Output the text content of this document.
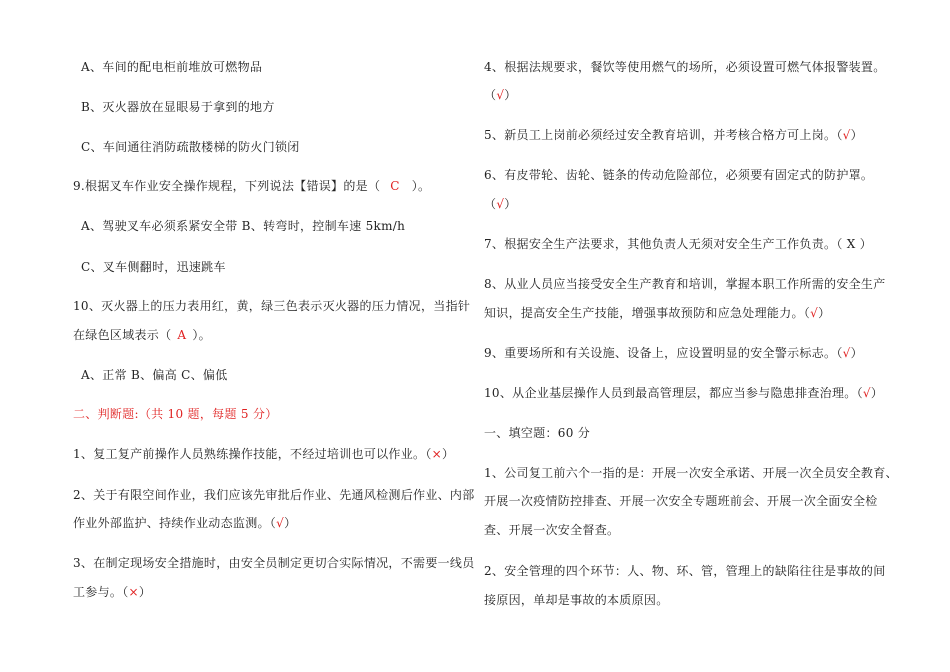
A、车间的配电柜前堆放可燃物品
B、灭火器放在显眼易于拿到的地方
C、车间通往消防疏散楼梯的防火门锁闭
9.根据叉车作业安全操作规程，下列说法【错误】的是（ C ）。
A、驾驶叉车必须系紧安全带 B、转弯时，控制车速 5km/h
C、叉车侧翻时，迅速跳车
10、灭火器上的压力表用红，黄，绿三色表示灭火器的压力情况，当指针
在绿色区域表示（ A ）。
A、正常 B、偏高 C、偏低
二、判断题:（共 10 题，每题 5 分）
1、复工复产前操作人员熟练操作技能，不经过培训也可以作业。（×）
2、关于有限空间作业，我们应该先审批后作业、先通风检测后作业、内部
作业外部监护、持续作业动态监测。（√）
3、在制定现场安全措施时，由安全员制定更切合实际情况，不需要一线员
工参与。（×）
4、根据法规要求，餐饮等使用燃气的场所，必须设置可燃气体报警装置。
（√）
5、新员工上岗前必须经过安全教育培训，并考核合格方可上岗。（√）
6、有皮带轮、齿轮、链条的传动危险部位，必须要有固定式的防护罩。
（√）
7、根据安全生产法要求，其他负责人无须对安全生产工作负责。（ X ）
8、从业人员应当接受安全生产教育和培训，掌握本职工作所需的安全生产
知识，提高安全生产技能，增强事故预防和应急处理能力。（√）
9、重要场所和有关设施、设备上，应设置明显的安全警示标志。（√）
10、从企业基层操作人员到最高管理层，都应当参与隐患排查治理。（√）
一、填空题：60 分
1、公司复工前六个一指的是：开展一次安全承诺、开展一次全员安全教育、
开展一次疫情防控排查、开展一次安全专题班前会、开展一次全面安全检
查、开展一次安全督查。
2、安全管理的四个环节：人、物、环、管，管理上的缺陷往往是事故的间
接原因，单却是事故的本质原因。
